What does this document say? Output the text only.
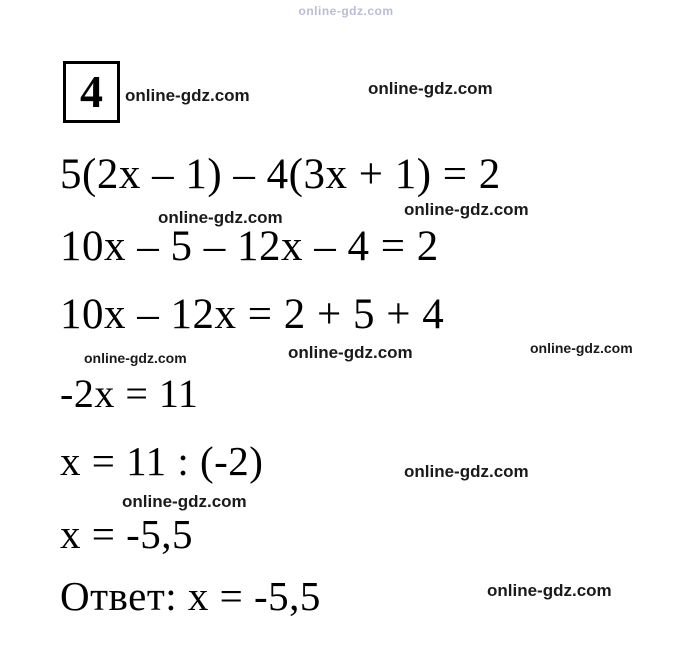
online-gdz.com
4
5(2х – 1) – 4(3х + 1) = 2
10х – 5 – 12х – 4 = 2
10х – 12х = 2 + 5 + 4
-2х = 11
х = 11 : (-2)
х = -5,5
Ответ: х = -5,5
online-gdz.com	online-gdz.com
online-gdz.com	online-gdz.com
online-gdz.com	online-gdz.com	online-gdz.com
online-gdz.com
online-gdz.com
online-gdz.com
